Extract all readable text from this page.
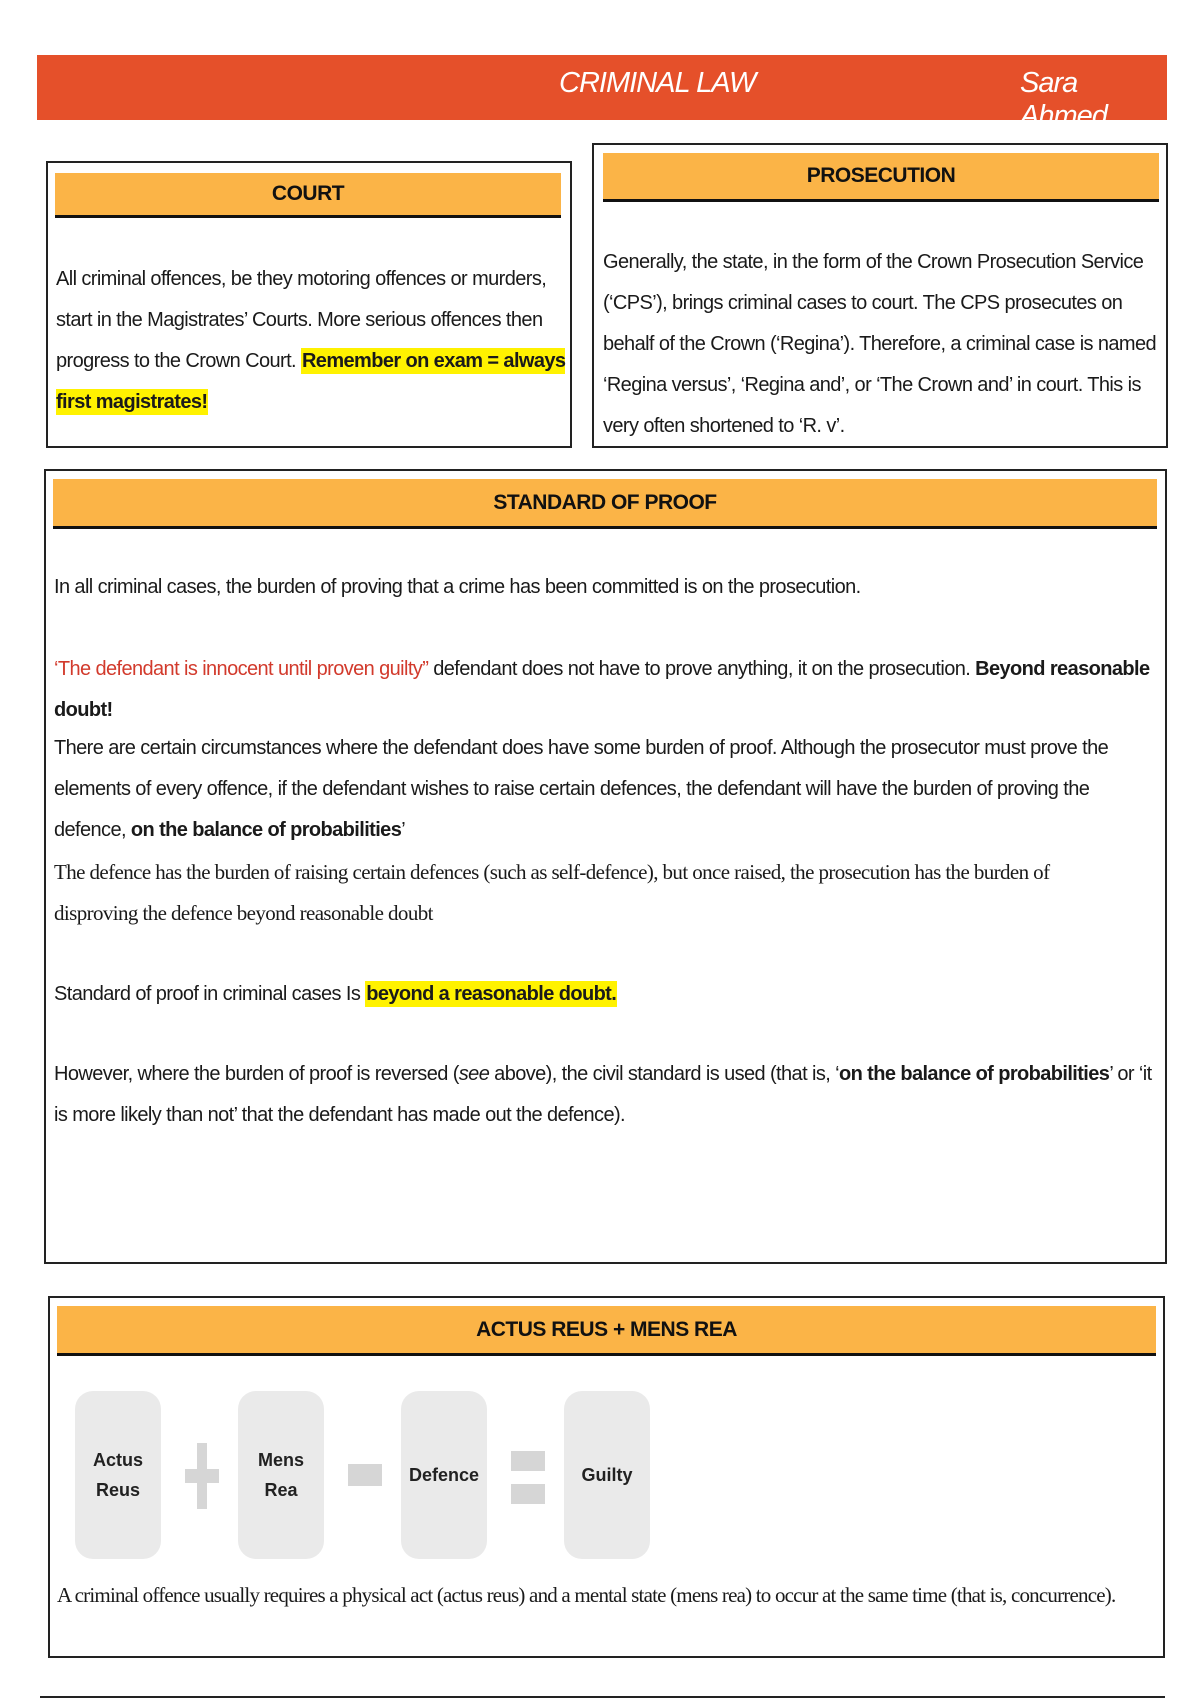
CRIMINAL LAW	Sara Ahmed
COURT
All criminal offences, be they motoring offences or murders, start in the Magistrates’ Courts. More serious offences then progress to the Crown Court. Remember on exam = always first magistrates!
PROSECUTION
Generally, the state, in the form of the Crown Prosecution Service (‘CPS’), brings criminal cases to court. The CPS prosecutes on behalf of the Crown (‘Regina’). Therefore, a criminal case is named ‘Regina versus’, ‘Regina and’, or ‘The Crown and’ in court. This is very often shortened to ‘R. v’.
STANDARD OF PROOF
In all criminal cases, the burden of proving that a crime has been committed is on the prosecution.
‘The defendant is innocent until proven guilty” defendant does not have to prove anything, it on the prosecution. Beyond reasonable doubt!
There are certain circumstances where the defendant does have some burden of proof. Although the prosecutor must prove the elements of every offence, if the defendant wishes to raise certain defences, the defendant will have the burden of proving the defence, on the balance of probabilities’
The defence has the burden of raising certain defences (such as self-defence), but once raised, the prosecution has the burden of disproving the defence beyond reasonable doubt
Standard of proof in criminal cases Is beyond a reasonable doubt.
However, where the burden of proof is reversed (see above), the civil standard is used (that is, ‘on the balance of probabilities’ or ‘it is more likely than not’ that the defendant has made out the defence).
ACTUS REUS + MENS REA
Actus
Reus
Mens
Rea
Defence	Guilty
A criminal offence usually requires a physical act (actus reus) and a mental state (mens rea) to occur at the same time (that is, concurrence).
